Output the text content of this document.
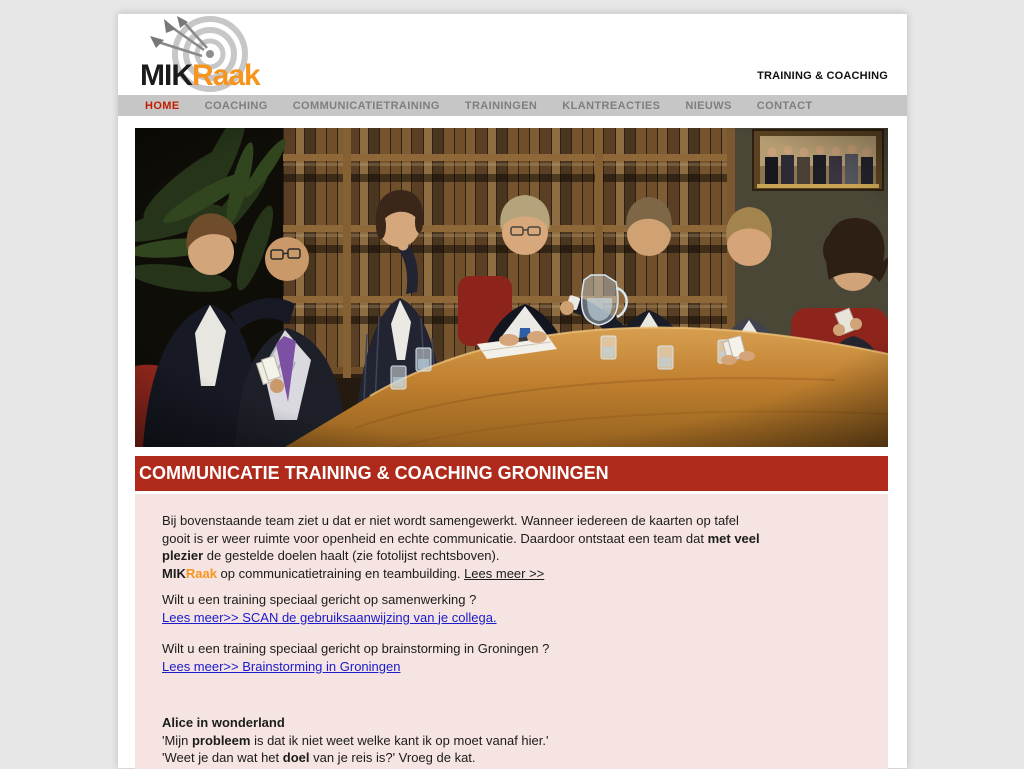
MIKRaak	TRAINING & COACHING
HOME COACHING COMMUNICATIETRAINING TRAININGEN KLANTREACTIES NIEUWS CONTACT
COMMUNICATIE TRAINING & COACHING GRONINGEN

Bij bovenstaande team ziet u dat er niet wordt samengewerkt. Wanneer iedereen de kaarten op tafel gooit is er weer ruimte voor openheid en echte communicatie. Daardoor ontstaat een team dat met veel plezier de gestelde doelen haalt (zie fotolijst rechtsboven).
MIKRaak op communicatietraining en teambuilding. Lees meer >>

Wilt u een training speciaal gericht op samenwerking ?
Lees meer>> SCAN de gebruiksaanwijzing van je collega.

Wilt u een training speciaal gericht op brainstorming in Groningen ?
Lees meer>> Brainstorming in Groningen

Alice in wonderland
'Mijn probleem is dat ik niet weet welke kant ik op moet vanaf hier.'
'Weet je dan wat het doel van je reis is?' Vroeg de kat.
